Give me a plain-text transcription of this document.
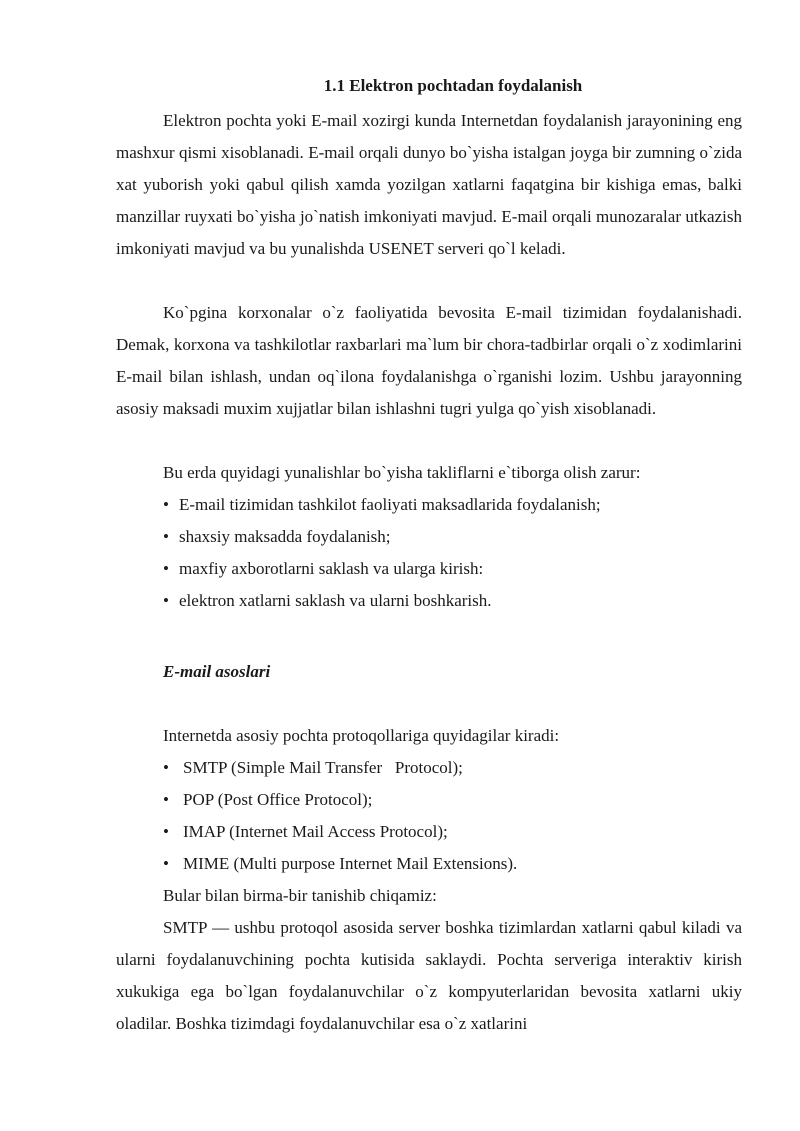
1.1 Elektron pochtadan foydalanish

Elektron pochta yoki E-mail xozirgi kunda Internetdan foydalanish jarayonining eng mashxur qismi xisoblanadi. E-mail orqali dunyo bo`yisha istalgan joyga bir zumning o`zida xat yuborish yoki qabul qilish xamda yozilgan xatlarni faqatgina bir kishiga emas, balki manzillar ruyxati bo`yisha jo`natish imkoniyati mavjud. E-mail orqali munozaralar utkazish imkoniyati mavjud va bu yunalishda USENET serveri qo`l keladi.

Ko`pgina korxonalar o`z faoliyatida bevosita E-mail tizimidan foydalanishadi. Demak, korxona va tashkilotlar raxbarlari ma`lum bir chora-tadbirlar orqali o`z xodimlarini E-mail bilan ishlash, undan oq`ilona foydalanishga o`rganishi lozim. Ushbu jarayonning asosiy maksadi muxim xujjatlar bilan ishlashni tugri yulga qo`yish xisoblanadi.

Bu erda quyidagi yunalishlar bo`yisha takliflarni e`tiborga olish zarur:

• E-mail tizimidan tashkilot faoliyati maksadlarida foydalanish;

• shaxsiy maksadda foydalanish;

• maxfiy axborotlarni saklash va ularga kirish:

• elektron xatlarni saklash va ularni boshkarish.

E-mail asoslari

Internetda asosiy pochta protoqollariga quyidagilar kiradi:

• SMTP (Simple Mail Transfer   Protocol);

• POP (Post Office Protocol);

• IMAP (Internet Mail Access Protocol);

• MIME (Multi purpose Internet Mail Extensions).

Bular bilan birma-bir tanishib chiqamiz:

SMTP — ushbu protoqol asosida server boshka tizimlardan xatlarni qabul kiladi va ularni foydalanuvchining pochta kutisida saklaydi. Pochta serveriga interaktiv kirish xukukiga ega bo`lgan foydalanuvchilar o`z kompyuterlaridan bevosita xatlarni ukiy oladilar. Boshka tizimdagi foydalanuvchilar esa o`z xatlarini
